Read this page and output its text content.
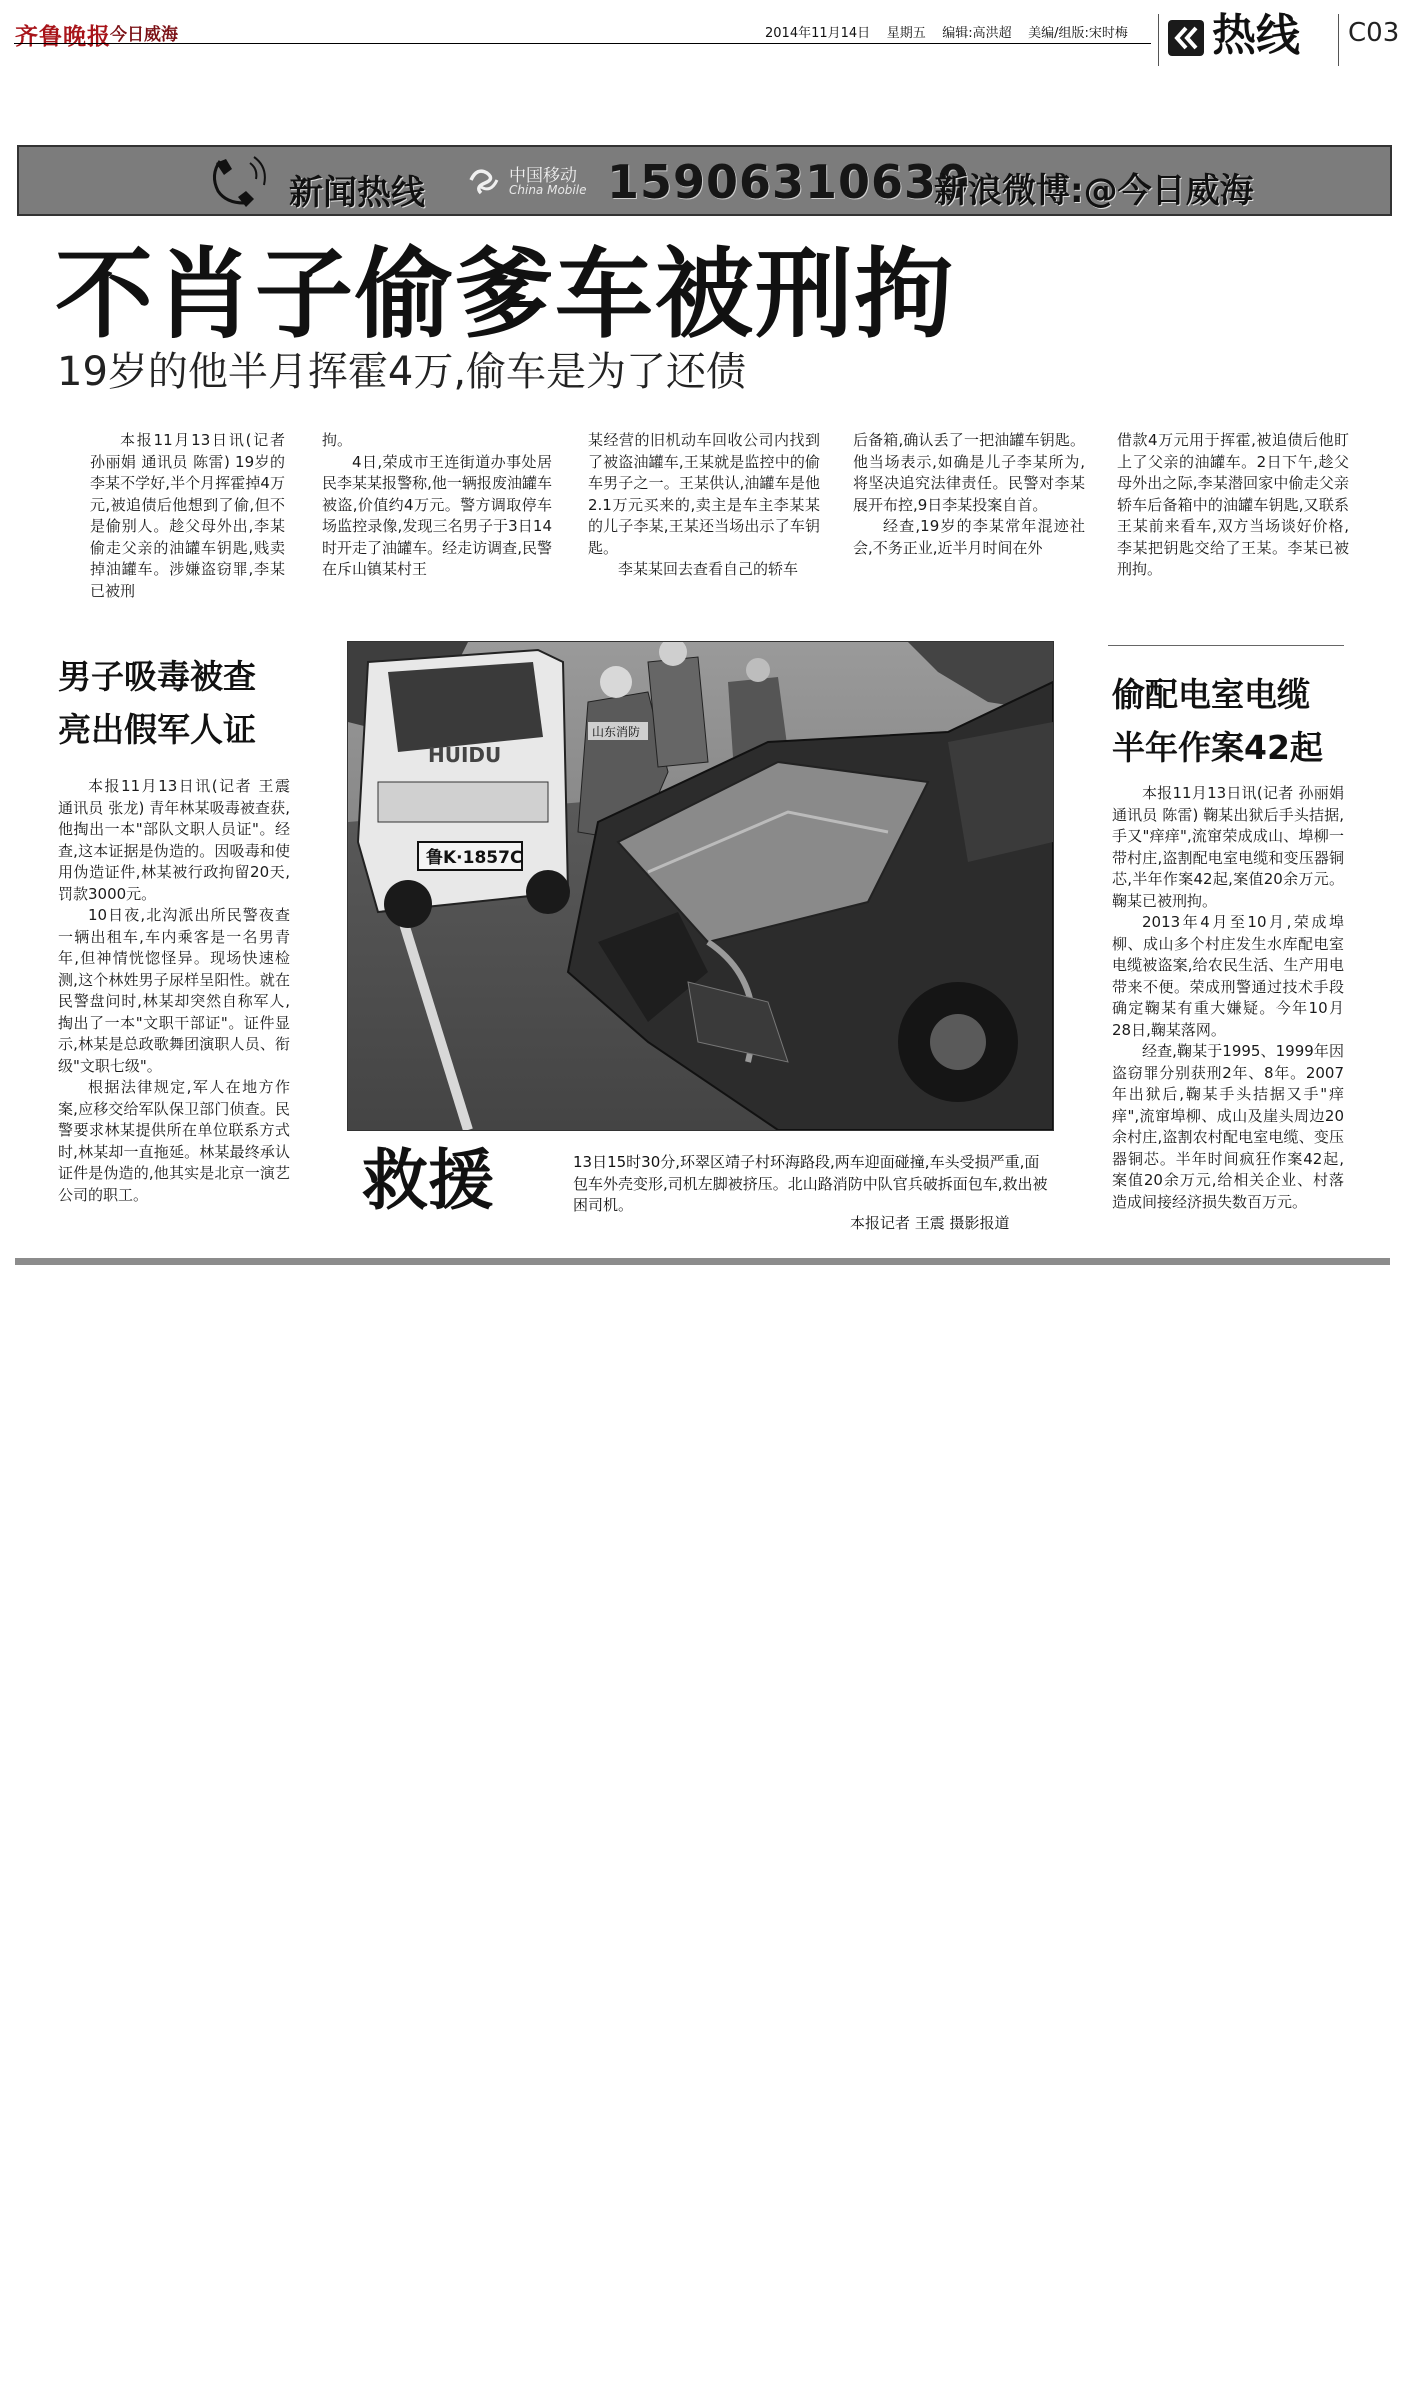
齐鲁晚报 今日威海	2014年11月14日 星期五 编辑:高洪超 美编/组版:宋时梅 热线 C03
新闻热线	中国移动
China Mobile 15906310630
新浪微博:@今日威海
不肖子偷爹车被刑拘
19岁的他半月挥霍4万,偷车是为了还债

本报11月13日讯(记者 孙丽娟 通讯员 陈雷) 19岁的李某不学好,半个月挥霍掉4万元,被追债后他想到了偷,但不是偷别人。趁父母外出,李某偷走父亲的油罐车钥匙,贱卖掉油罐车。涉嫌盗窃罪,李某已被刑

拘。

4日,荣成市王连街道办事处居民李某某报警称,他一辆报废油罐车被盗,价值约4万元。警方调取停车场监控录像,发现三名男子于3日14时开走了油罐车。经走访调查,民警在斥山镇某村王

某经营的旧机动车回收公司内找到了被盗油罐车,王某就是监控中的偷车男子之一。王某供认,油罐车是他2.1万元买来的,卖主是车主李某某的儿子李某,王某还当场出示了车钥匙。

李某某回去查看自己的轿车

后备箱,确认丢了一把油罐车钥匙。他当场表示,如确是儿子李某所为,将坚决追究法律责任。民警对李某展开布控,9日李某投案自首。

经查,19岁的李某常年混迹社会,不务正业,近半月时间在外

借款4万元用于挥霍,被追债后他盯上了父亲的油罐车。2日下午,趁父母外出之际,李某潜回家中偷走父亲轿车后备箱中的油罐车钥匙,又联系王某前来看车,双方当场谈好价格,李某把钥匙交给了王某。李某已被刑拘。

男子吸毒被查
亮出假军人证

本报11月13日讯(记者 王震 通讯员 张龙) 青年林某吸毒被查获,他掏出一本"部队文职人员证"。经查,这本证据是伪造的。因吸毒和使用伪造证件,林某被行政拘留20天,罚款3000元。

10日夜,北沟派出所民警夜查一辆出租车,车内乘客是一名男青年,但神情恍惚怪异。现场快速检测,这个林姓男子尿样呈阳性。就在民警盘问时,林某却突然自称军人,掏出了一本"文职干部证"。证件显示,林某是总政歌舞团演职人员、衔级"文职七级"。

根据法律规定,军人在地方作案,应移交给军队保卫部门侦查。民警要求林某提供所在单位联系方式时,林某却一直拖延。林某最终承认证件是伪造的,他其实是北京一演艺公司的职工。

偷配电室电缆
半年作案42起

本报11月13日讯(记者 孙丽娟 通讯员 陈雷) 鞠某出狱后手头拮据,手又"痒痒",流窜荣成成山、埠柳一带村庄,盗割配电室电缆和变压器铜芯,半年作案42起,案值20余万元。鞠某已被刑拘。

2013年4月至10月,荣成埠柳、成山多个村庄发生水库配电室电缆被盗案,给农民生活、生产用电带来不便。荣成刑警通过技术手段确定鞠某有重大嫌疑。今年10月28日,鞠某落网。

经查,鞠某于1995、1999年因盗窃罪分别获刑2年、8年。2007年出狱后,鞠某手头拮据又手"痒痒",流窜埠柳、成山及崖头周边20余村庄,盗割农村配电室电缆、变压器铜芯。半年时间疯狂作案42起,案值20余万元,给相关企业、村落造成间接经济损失数百万元。

HUIDU
鲁K·1857C
山东消防
救援	13日15时30分,环翠区靖子村环海路段,两车迎面碰撞,车头受损严重,面包车外壳变形,司机左脚被挤压。北山路消防中队官兵破拆面包车,救出被困司机。
本报记者 王震 摄影报道
